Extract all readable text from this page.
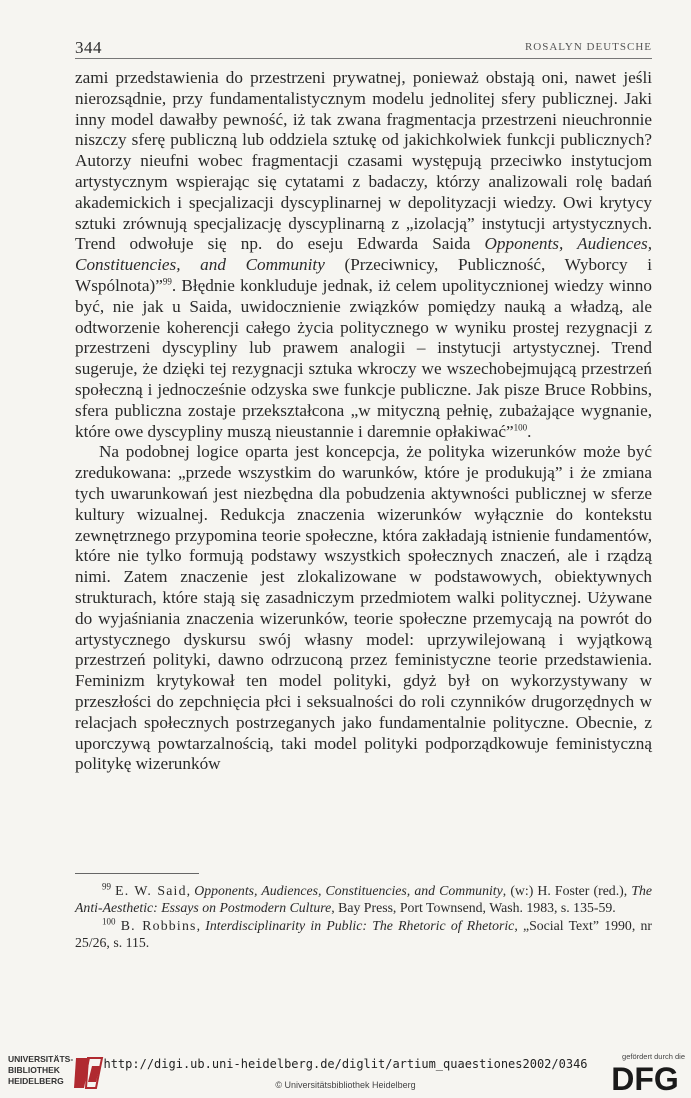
344	ROSALYN DEUTSCHE

zami przedstawienia do przestrzeni prywatnej, ponieważ obstają oni, nawet jeśli nierozsądnie, przy fundamentalistycznym modelu jednolitej sfery publicznej. Jaki inny model dawałby pewność, iż tak zwana fragmentacja przestrzeni nieuchronnie niszczy sferę publiczną lub oddziela sztukę od jakichkolwiek funkcji publicznych? Autorzy nieufni wobec fragmentacji czasami występują przeciwko instytucjom artystycznym wspierając się cytatami z badaczy, którzy analizowali rolę badań akademickich i specjalizacji dyscyplinarnej w depolityzacji wiedzy. Owi krytycy sztuki zrównują specjalizację dyscyplinarną z „izolacją” instytucji artystycznych. Trend odwołuje się np. do eseju Edwarda Saida Opponents, Audiences, Constituencies, and Community (Przeciwnicy, Publiczność, Wyborcy i Wspólnota)”$^{99}$. Błędnie konkluduje jednak, iż celem upolitycznionej wiedzy winno być, nie jak u Saida, uwidocznienie związków pomiędzy nauką a władzą, ale odtworzenie koherencji całego życia politycznego w wyniku prostej rezygnacji z przestrzeni dyscypliny lub prawem analogii – instytucji artystycznej. Trend sugeruje, że dzięki tej rezygnacji sztuka wkroczy we wszechobejmującą przestrzeń społeczną i jednocześnie odzyska swe funkcje publiczne. Jak pisze Bruce Robbins, sfera publiczna zostaje przekształcona „w mityczną pełnię, zubażające wygnanie, które owe dyscypliny muszą nieustannie i daremnie opłakiwać”$^{100}$.

Na podobnej logice oparta jest koncepcja, że polityka wizerunków może być zredukowana: „przede wszystkim do warunków, które je produkują” i że zmiana tych uwarunkowań jest niezbędna dla pobudzenia aktywności publicznej w sferze kultury wizualnej. Redukcja znaczenia wizerunków wyłącznie do kontekstu zewnętrznego przypomina teorie społeczne, która zakładają istnienie fundamentów, które nie tylko formują podstawy wszystkich społecznych znaczeń, ale i rządzą nimi. Zatem znaczenie jest zlokalizowane w podstawowych, obiektywnych strukturach, które stają się zasadniczym przedmiotem walki politycznej. Używane do wyjaśniania znaczenia wizerunków, teorie społeczne przemycają na powrót do artystycznego dyskursu swój własny model: uprzywilejowaną i wyjątkową przestrzeń polityki, dawno odrzuconą przez feministyczne teorie przedstawienia. Feminizm krytykował ten model polityki, gdyż był on wykorzystywany w przeszłości do zepchnięcia płci i seksualności do roli czynników drugorzędnych w relacjach społecznych postrzeganych jako fundamentalnie polityczne. Obecnie, z uporczywą powtarzalnością, taki model polityki podporządkowuje feministyczną politykę wizerunków

$^{99}$ E. W. Said, Opponents, Audiences, Constituencies, and Community, (w:) H. Foster (red.), The Anti-Aesthetic: Essays on Postmodern Culture, Bay Press, Port Townsend, Wash. 1983, s. 135-59.

$^{100}$ B. Robbins, Interdisciplinarity in Public: The Rhetoric of Rhetoric, „Social Text” 1990, nr 25/26, s. 115.

UNIVERSITÄTS-
BIBLIOTHEK
HEIDELBERG
http://digi.ub.uni-heidelberg.de/diglit/artium_quaestiones2002/0346
© Universitätsbibliothek Heidelberg
gefördert durch die
DFG
